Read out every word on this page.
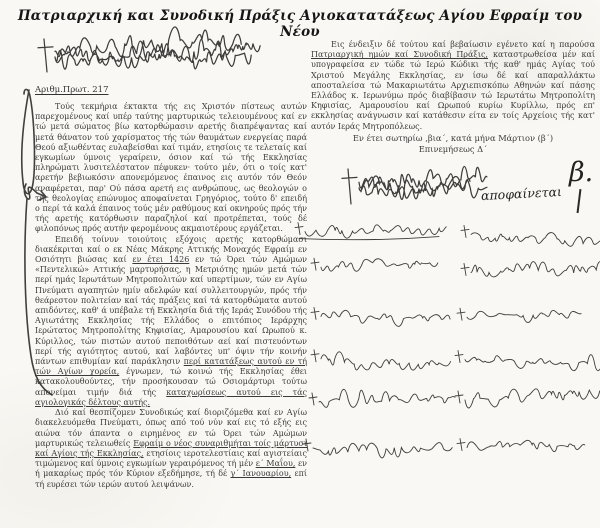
Πατριαρχική και Συνοδική Πράξις Αγιοκατατάξεως Αγίου Εφραίμ του Νέου
Αριθμ.Πρωτ. 217

Τούς τεκμήρια έκτακτα τής εις Χριστόν πίστεως αυτών παρεχομένους καί υπέρ ταύτης μαρτυρικώς τελειουμένους καί εν τώ μετά σώματος βίω κατορθώμασιν αρετής διαπρέψαντας καί μετά θάνατον τού χαρίσματος τής τών θαυμάτων ενεργείας παρά Θεού αξιωθέντας ευλαβείσθαι καί τιμάν, ετησίοις τε τελεταίς καί εγκωμίων ύμνοις γεραίρειν, όσιον καί τώ τής Εκκλησίας πληρώματι λυσιτελέστατον πέφυκεν· τούτο μέν, ότι ο τοίς κατ' αρετήν βεβιωκόσιν απονεμόμενος έπαινος εις αυτόν τόν Θεόν αναφέρεται, παρ' Ού πάσα αρετή εις ανθρώπους, ως θεολογών ο τής θεολογίας επώνυμος αποφαίνεται Γρηγόριος, τούτο δ' επειδή ο περί τά καλά έπαινος τούς μέν ραθύμους καί οκνηρούς πρός τήν τής αρετής κατόρθωσιν παραζηλοί καί προτρέπεται, τούς δέ φιλοπόνως πρός αυτήν φερομένους ακμαιοτέρους εργάζεται.

Επειδή τοίνυν τοιούτοις εξόχοις αρετής κατορθώμασι διακέκριται καί ο εκ Νέας Μάκρης Αττικής Μοναχός Εφραίμ εν Οσιότητι βιώσας καί εν έτει 1426 εν τώ Όρει τών Αμώμων «Πεντελικώ» Αττικής μαρτυρήσας, η Μετριότης ημών μετά τών περί ημάς Ιερωτάτων Μητροπολιτών καί υπερτίμων, τών εν Αγίω Πνεύματι αγαπητών ημίν αδελφών καί συλλειτουργών, πρός τήν θεάρεστον πολιτείαν καί τάς πράξεις καί τά κατορθώματα αυτού απιδόντες, καθ' ά υπέβαλε τή Εκκλησία διά τής Ιεράς Συνόδου τής Αγιωτάτης Εκκλησίας τής Ελλάδος ο επιτόπιος Ιεράρχης Ιερώτατος Μητροπολίτης Κηφισίας, Αμαρουσίου καί Ωρωπού κ. Κύριλλος, τών πιστών αυτού πεποιθότων αεί καί πιστευόντων περί τής αγιότητος αυτού, καί λαβόντες υπ' όψιν τήν κοινήν πάντων επιθυμίαν καί παράκλησιν περί κατατάξεως αυτού εν τή τών Αγίων χορεία, έγνωμεν, τώ κοινώ τής Εκκλησίας έθει κατακολουθούντες, τήν προσήκουσαν τώ Οσιομάρτυρι τούτω απονείμαι τιμήν διά τής καταχωρίσεως αυτού εις τάς αγιολογικάς δέλτους αυτής.

Διό καί θεσπίζομεν Συνοδικώς καί διοριζόμεθα καί εν Αγίω διακελευόμεθα Πνεύματι, όπως από τού νύν καί εις τό εξής εις αιώνα τόν άπαντα ο ειρημένος εν τώ Όρει τών Αμώμων μαρτυρικώς τελειωθείς Εφραίμ ο νέος συναριθμήται τοίς μάρτυσι καί Αγίοις τής Εκκλησίας, ετησίοις ιεροτελεστίαις καί αγιστείαις τιμώμενος καί ύμνοις εγκωμίων γεραιρόμενος τή μέν ε΄ Μαΐου, εν ή μακαρίως πρός τόν Κύριον εξεδήμησε, τή δέ γ΄ Ιανουαρίου, επί τή ευρέσει τών ιερών αυτού λειψάνων.

Εις ένδειξιν δέ τούτου καί βεβαίωσιν εγένετο καί η παρούσα Πατριαρχική ημών καί Συνοδική Πράξις, καταστρωθείσα μέν καί υπογραφείσα εν τώδε τώ Ιερώ Κώδικι τής καθ' ημάς Αγίας τού Χριστού Μεγάλης Εκκλησίας, εν ίσω δέ καί απαραλλάκτω αποσταλείσα τώ Μακαριωτάτω Αρχιεπισκόπω Αθηνών καί πάσης Ελλάδος κ. Ιερωνύμω πρός διαβίβασιν τώ Ιερωτάτω Μητροπολίτη Κηφισίας, Αμαρουσίου καί Ωρωπού κυρίω Κυρίλλω, πρός επ' εκκλησίας ανάγνωσιν καί κατάθεσιν είτα εν τοίς Αρχείοις τής κατ' αυτόν Ιεράς Μητροπόλεως.

Εν έτει σωτηρίω ‚βια΄, κατά μήνα Μάρτιον (β΄)
Επινεμήσεως Δ΄
αποφαίνεται
β.
